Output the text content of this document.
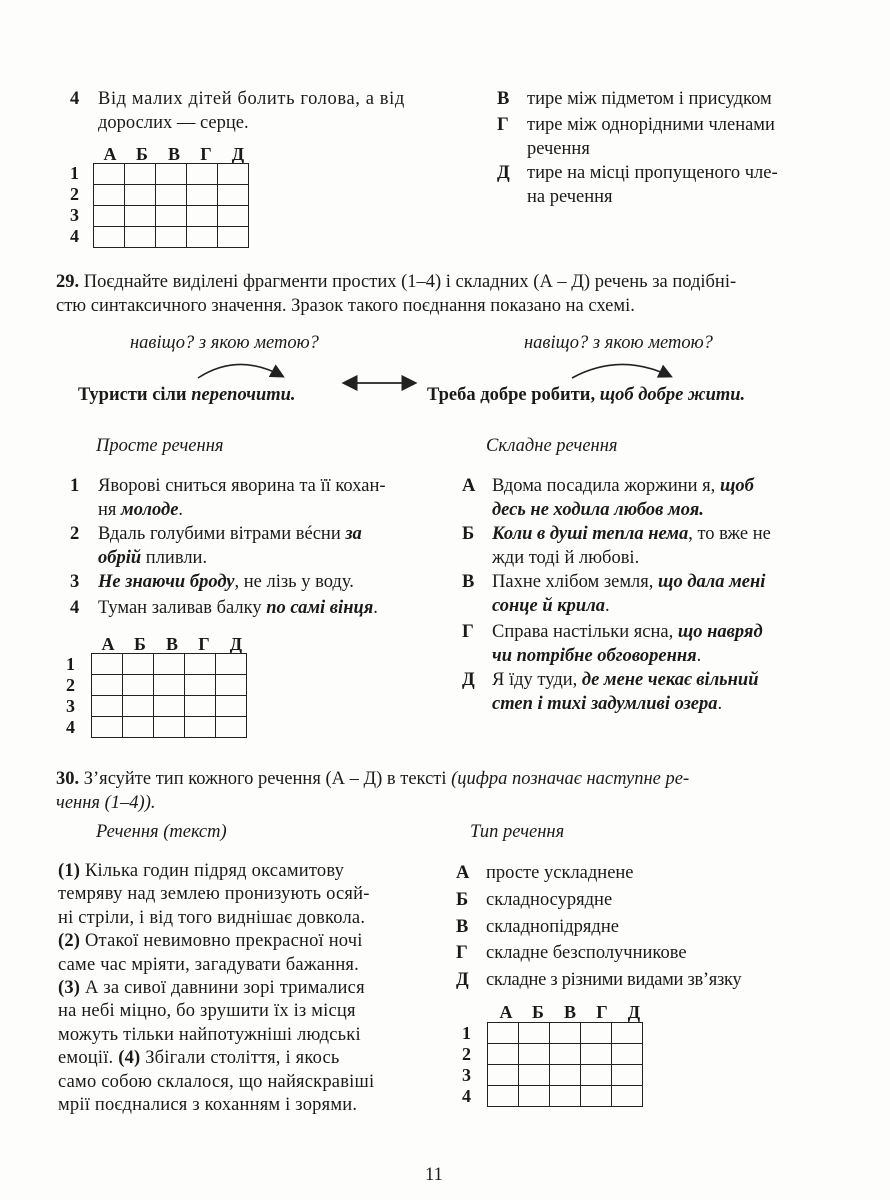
4	Від малих дітей болить голова, а від
дорослих — серце.
В тире між підметом і присудком
Г тире між однорідними членами
речення
Д тире на місці пропущеного чле-
на речення
А	Б	В	Г	Д
1
2
3
4

29. Поєднайте виділені фрагменти простих (1–4) і складних (А – Д) речень за подібні-
стю синтаксичного значення. Зразок такого поєднання показано на схемі.
навіщо? з якою метою?	навіщо? з якою метою?
Туристи сіли перепочити.	Треба добре робити, щоб добре жити.
Просте речення	Складне речення
1	Яворові сниться яворина та її кохан-
ня молоде.
2	Вдаль голубими вітрами вéсни за
обрій пливли.
3	Не знаючи броду, не лізь у воду.
4	Туман заливав балку по самі вінця.
А Вдома посадила жоржини я, щоб
десь не ходила любов моя.
Б Коли в душі тепла нема, то вже не
жди тоді й любові.
В Пахне хлібом земля, що дала мені
сонце й крила.
Г Справа настільки ясна, що навряд
чи потрібне обговорення.
Д Я їду туди, де мене чекає вільний
степ і тихі задумливі озера.
А	Б	В	Г	Д
1
2
3
4

30. З’ясуйте тип кожного речення (А – Д) в тексті (цифра позначає наступне ре-
чення (1–4)).
Речення (текст)	Тип речення
(1) Кілька годин підряд оксамитову
темряву над землею пронизують осяй-
ні стріли, і від того виднішає довкола.
(2) Отакої невимовно прекрасної ночі
саме час мріяти, загадувати бажання.
(3) А за сивої давнини зорі трималися
на небі міцно, бо зрушити їх із місця
можуть тільки найпотужніші людські
емоції. (4) Збігали століття, і якось
само собою склалося, що найяскравіші
мрії поєдналися з коханням і зорями.
А просте ускладнене
Б складносурядне
В складнопідрядне
Г складне безсполучникове
Д складне з різними видами зв’язку
А	Б	В	Г	Д
1
2
3
4

11
